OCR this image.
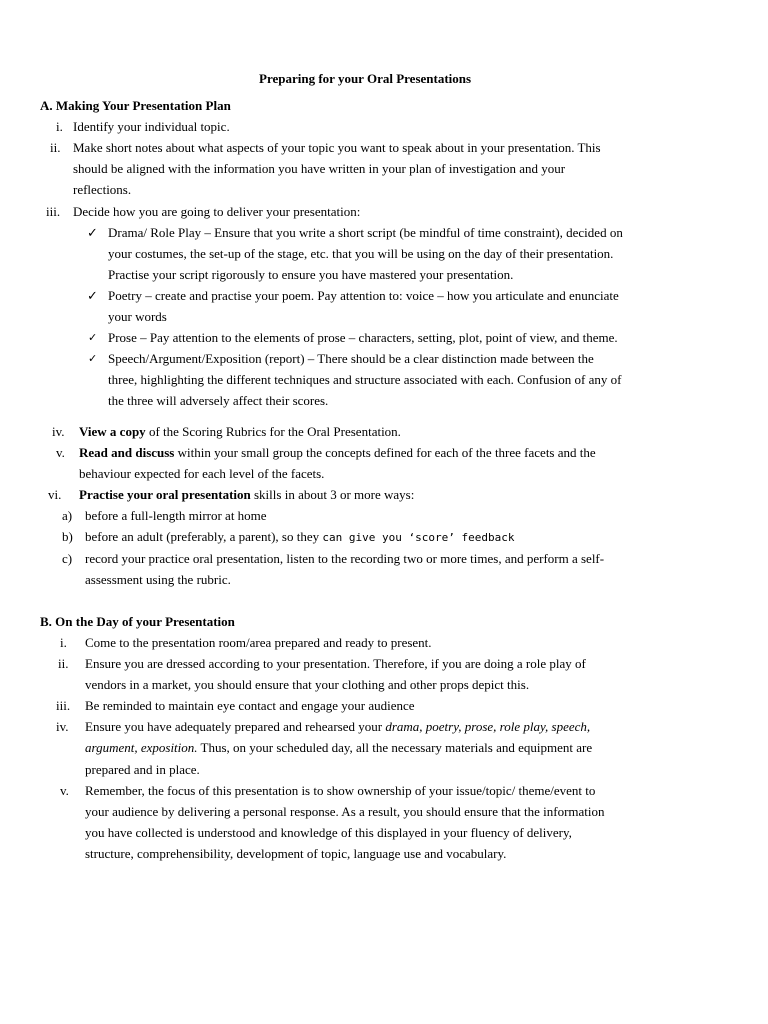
Preparing for your Oral Presentations
A. Making Your Presentation Plan
i. Identify your individual topic.
ii. Make short notes about what aspects of your topic you want to speak about in your presentation. This
should be aligned with the information you have written in your plan of investigation and your
reflections.
iii. Decide how you are going to deliver your presentation:
✓ Drama/ Role Play – Ensure that you write a short script (be mindful of time constraint), decided on
your costumes, the set-up of the stage, etc. that you will be using on the day of their presentation.
Practise your script rigorously to ensure you have mastered your presentation.
✓ Poetry – create and practise your poem. Pay attention to: voice – how you articulate and enunciate
your words
✓ Prose – Pay attention to the elements of prose – characters, setting, plot, point of view, and theme.
✓ Speech/Argument/Exposition (report) – There should be a clear distinction made between the
three, highlighting the different techniques and structure associated with each. Confusion of any of
the three will adversely affect their scores.
iv. View a copy of the Scoring Rubrics for the Oral Presentation.
v. Read and discuss within your small group the concepts defined for each of the three facets and the
behaviour expected for each level of the facets.
vi. Practise your oral presentation skills in about 3 or more ways:
a) before a full-length mirror at home
b) before an adult (preferably, a parent), so they can give you ‘score’ feedback
c) record your practice oral presentation, listen to the recording two or more times, and perform a self-
assessment using the rubric.
B. On the Day of your Presentation
i. Come to the presentation room/area prepared and ready to present.
ii. Ensure you are dressed according to your presentation. Therefore, if you are doing a role play of
vendors in a market, you should ensure that your clothing and other props depict this.
iii. Be reminded to maintain eye contact and engage your audience
iv. Ensure you have adequately prepared and rehearsed your drama, poetry, prose, role play, speech,
argument, exposition. Thus, on your scheduled day, all the necessary materials and equipment are
prepared and in place.
v. Remember, the focus of this presentation is to show ownership of your issue/topic/ theme/event to
your audience by delivering a personal response. As a result, you should ensure that the information
you have collected is understood and knowledge of this displayed in your fluency of delivery,
structure, comprehensibility, development of topic, language use and vocabulary.
